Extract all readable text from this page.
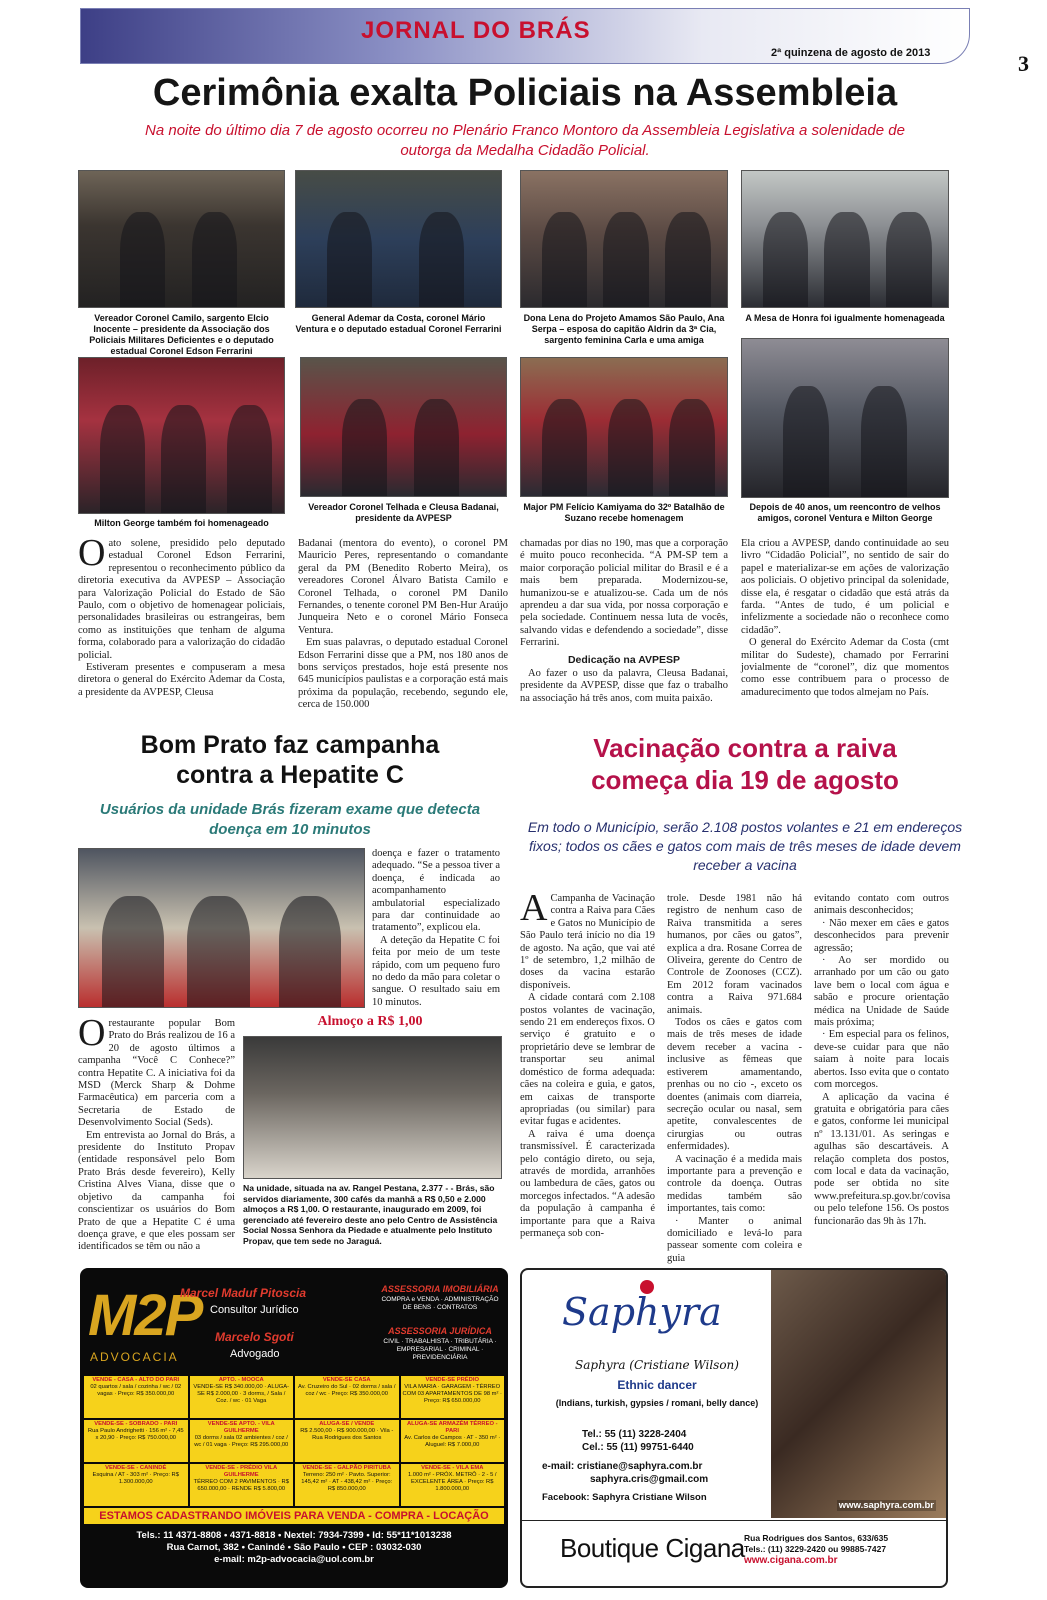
JORNAL DO BRÁS
2ª quinzena de agosto de 2013	3
Cerimônia exalta Policiais na Assembleia
Na noite do último dia 7 de agosto ocorreu no Plenário Franco Montoro da Assembleia Legislativa a solenidade de outorga da Medalha Cidadão Policial.
Vereador Coronel Camilo, sargento Elcio Inocente – presidente da Associação dos Policiais Militares Deficientes e o deputado estadual Coronel Edson Ferrarini
General Ademar da Costa, coronel Mário Ventura e o deputado estadual Coronel Ferrarini
Dona Lena do Projeto Amamos São Paulo, Ana Serpa – esposa do capitão Aldrin da 3ª Cia, sargento feminina Carla e uma amiga
A Mesa de Honra foi igualmente homenageada
Milton George também foi homenageado
Vereador Coronel Telhada e Cleusa Badanai, presidente da AVPESP
Major PM Felício Kamiyama do 32º Batalhão de Suzano recebe homenagem
Depois de 40 anos, um reencontro de velhos amigos, coronel Ventura e Milton George

Oato solene, presidido pelo deputado estadual Coronel Edson Ferrarini, representou o reconhecimento público da diretoria executiva da AVPESP – Associação para Valorização Policial do Estado de São Paulo, com o objetivo de homenagear policiais, personalidades brasileiras ou estrangeiras, bem como as instituições que tenham de alguma forma, colaborado para a valorização do cidadão policial.

Estiveram presentes e compuseram a mesa diretora o general do Exército Ademar da Costa, a presidente da AVPESP, Cleusa

Badanai (mentora do evento), o coronel PM Mauricio Peres, representando o comandante geral da PM (Benedito Roberto Meira), os vereadores Coronel Álvaro Batista Camilo e Coronel Telhada, o coronel PM Danilo Fernandes, o tenente coronel PM Ben-Hur Araújo Junqueira Neto e o coronel Mário Fonseca Ventura.

Em suas palavras, o deputado estadual Coronel Edson Ferrarini disse que a PM, nos 180 anos de bons serviços prestados, hoje está presente nos 645 municípios paulistas e a corporação está mais próxima da população, recebendo, segundo ele, cerca de 150.000

chamadas por dias no 190, mas que a corporação é muito pouco reconhecida. “A PM-SP tem a maior corporação policial militar do Brasil e é a mais bem preparada. Modernizou-se, humanizou-se e atualizou-se. Cada um de nós aprendeu a dar sua vida, por nossa corporação e pela sociedade. Continuem nessa luta de vocês, salvando vidas e defendendo a sociedade”, disse Ferrarini.

Dedicação na AVPESP

Ao fazer o uso da palavra, Cleusa Badanai, presidente da AVPESP, disse que faz o trabalho na associação há três anos, com muita paixão.

Ela criou a AVPESP, dando continuidade ao seu livro “Cidadão Policial”, no sentido de sair do papel e materializar-se em ações de valorização aos policiais. O objetivo principal da solenidade, disse ela, é resgatar o cidadão que está atrás da farda. “Antes de tudo, é um policial e infelizmente a sociedade não o reconhece como cidadão”.

O general do Exército Ademar da Costa (cmt militar do Sudeste), chamado por Ferrarini jovialmente de “coronel”, diz que momentos como esse contribuem para o processo de amadurecimento que todos almejam no País.

Bom Prato faz campanha
contra a Hepatite C
Usuários da unidade Brás fizeram exame que detecta doença em 10 minutos

doença e fazer o tratamento adequado. “Se a pessoa tiver a doença, é indicada ao acompanhamento ambulatorial especializado para dar continuidade ao tratamento”, explicou ela.

A deteção da Hepatite C foi feita por meio de um teste rápido, com um pequeno furo no dedo da mão para coletar o sangue. O resultado saiu em 10 minutos.

Almoço a R$ 1,00
Na unidade, situada na av. Rangel Pestana, 2.377 - - Brás, são servidos diariamente, 300 cafés da manhã a R$ 0,50 e 2.000 almoços a R$ 1,00. O restaurante, inaugurado em 2009, foi gerenciado até fevereiro deste ano pelo Centro de Assistência Social Nossa Senhora da Piedade e atualmente pelo Instituto Propav, que tem sede no Jaraguá.

Orestaurante popular Bom Prato do Brás realizou de 16 a 20 de agosto últimos a campanha “Você C Conhece?” contra Hepatite C. A iniciativa foi da MSD (Merck Sharp & Dohme Farmacêutica) em parceria com a Secretaria de Estado de Desenvolvimento Social (Seds).

Em entrevista ao Jornal do Brás, a presidente do Instituto Propav (entidade responsável pelo Bom Prato Brás desde fevereiro), Kelly Cristina Alves Viana, disse que o objetivo da campanha foi conscientizar os usuários do Bom Prato de que a Hepatite C é uma doença grave, e que eles possam ser identificados se têm ou não a

Vacinação contra a raiva
começa dia 19 de agosto
Em todo o Município, serão 2.108 postos volantes e 21 em endereços fixos; todos os cães e gatos com mais de três meses de idade devem receber a vacina

A Campanha de Vacinação contra a Raiva para Cães e Gatos no Município de São Paulo terá início no dia 19 de agosto. Na ação, que vai até 1º de setembro, 1,2 milhão de doses da vacina estarão disponíveis.

A cidade contará com 2.108 postos volantes de vacinação, sendo 21 em endereços fixos. O serviço é gratuito e o proprietário deve se lembrar de transportar seu animal doméstico de forma adequada: cães na coleira e guia, e gatos, em caixas de transporte apropriadas (ou similar) para evitar fugas e acidentes.

A raiva é uma doença transmissível. É caracterizada pelo contágio direto, ou seja, através de mordida, arranhões ou lambedura de cães, gatos ou morcegos infectados. “A adesão da população à campanha é importante para que a Raiva permaneça sob con-

trole. Desde 1981 não há registro de nenhum caso de Raiva transmitida a seres humanos, por cães ou gatos”, explica a dra. Rosane Correa de Oliveira, gerente do Centro de Controle de Zoonoses (CCZ). Em 2012 foram vacinados contra a Raiva 971.684 animais.

Todos os cães e gatos com mais de três meses de idade devem receber a vacina -inclusive as fêmeas que estiverem amamentando, prenhas ou no cio -, exceto os doentes (animais com diarreia, secreção ocular ou nasal, sem apetite, convalescentes de cirurgias ou outras enfermidades).

A vacinação é a medida mais importante para a prevenção e controle da doença. Outras medidas também são importantes, tais como:

· Manter o animal domiciliado e levá-lo para passear somente com coleira e guia

evitando contato com outros animais desconhecidos;

· Não mexer em cães e gatos desconhecidos para prevenir agressão;

· Ao ser mordido ou arranhado por um cão ou gato lave bem o local com água e sabão e procure orientação médica na Unidade de Saúde mais próxima;

· Em especial para os felinos, deve-se cuidar para que não saiam à noite para locais abertos. Isso evita que o contato com morcegos.

A aplicação da vacina é gratuita e obrigatória para cães e gatos, conforme lei municipal nº 13.131/01. As seringas e agulhas são descartáveis. A relação completa dos postos, com local e data da vacinação, pode ser obtida no site www.prefeitura.sp.gov.br/covisa ou pelo telefone 156. Os postos funcionarão das 9h às 17h.

M2P
ADVOCACIA
Marcel Maduf Pitoscia
Consultor Jurídico
Marcelo Sgoti
Advogado
ASSESSORIA IMOBILIÁRIA
COMPRA e VENDA · ADMINISTRAÇÃO DE BENS · CONTRATOS
ASSESSORIA JURÍDICA
CIVIL · TRABALHISTA · TRIBUTÁRIA · EMPRESARIAL · CRIMINAL · PREVIDENCIÁRIA
VENDE - CASA - ALTO DO PARI
02 quartos / sala / cozinha / wc / 02 vagas · Preço: R$ 350.000,00
APTO. - MOOCA
VENDE-SE R$ 340.000,00 · ALUGA-SE R$ 2.000,00 · 3 dorms, / Sala / Coz. / wc · 01 Vaga
VENDE-SE CASA
Av. Cruzeiro do Sul · 02 dorms / sala / coz / wc · Preço: R$ 350.000,00
VENDE-SE PRÉDIO
VILA MARIA · GARAGEM - TÉRREO COM 03 APARTAMENTOS DE 98 m² · Preço: R$ 650.000,00
VENDE-SE - SOBRADO - PARI
Rua Paulo Andrighetti · 156 m² - 7,45 x 20,90 · Preço: R$ 750.000,00
VENDE-SE APTO. - VILA GUILHERME
03 dorms / sala 02 ambientes / coz / wc / 01 vaga · Preço: R$ 295.000,00
ALUGA-SE / VENDE
R$ 2.500,00 · R$ 900.000,00 · Vila - Rua Rodrigues dos Santos
ALUGA-SE ARMAZÉM TÉRREO - PARI
Av. Carlos de Campos · AT - 350 m² · Aluguel: R$ 7.000,00
VENDE-SE - CANINDÉ
Esquina / AT - 303 m² · Preço: R$ 1.300.000,00
VENDE-SE - PRÉDIO VILA GUILHERME
TÉRREO COM 2 PAVIMENTOS · R$ 650.000,00 · RENDE R$ 5.800,00
VENDE-SE - GALPÃO PIRITUBA
Terreno: 250 m² · Pavto. Superior: 145,42 m² · AT - 438,42 m² · Preço: R$ 850.000,00
VENDE-SE - VILA EMA
1.000 m² - PRÓX. METRÔ · 2 - 5 / EXCELENTE ÁREA · Preço: R$ 1.800.000,00
ESTAMOS CADASTRANDO IMÓVEIS PARA VENDA - COMPRA - LOCAÇÃO
Tels.: 11 4371-8808 • 4371-8818 • Nextel: 7934-7399 • Id: 55*11*1013238
Rua Carnot, 382 • Canindé • São Paulo • CEP : 03032-030
e-mail: m2p-advocacia@uol.com.br
Saphyra
Saphyra (Cristiane Wilson)
Ethnic dancer
(Indians, turkish, gypsies / romani, belly dance)
Tel.: 55 (11) 3228-2404
Cel.: 55 (11) 99751-6440
e-mail: cristiane@saphyra.com.br
saphyra.cris@gmail.com
Facebook: Saphyra Cristiane Wilson
www.saphyra.com.br
Boutique Cigana Rua Rodrigues dos Santos, 633/635
Tels.: (11) 3229-2420 ou 99885-7427
www.cigana.com.br
